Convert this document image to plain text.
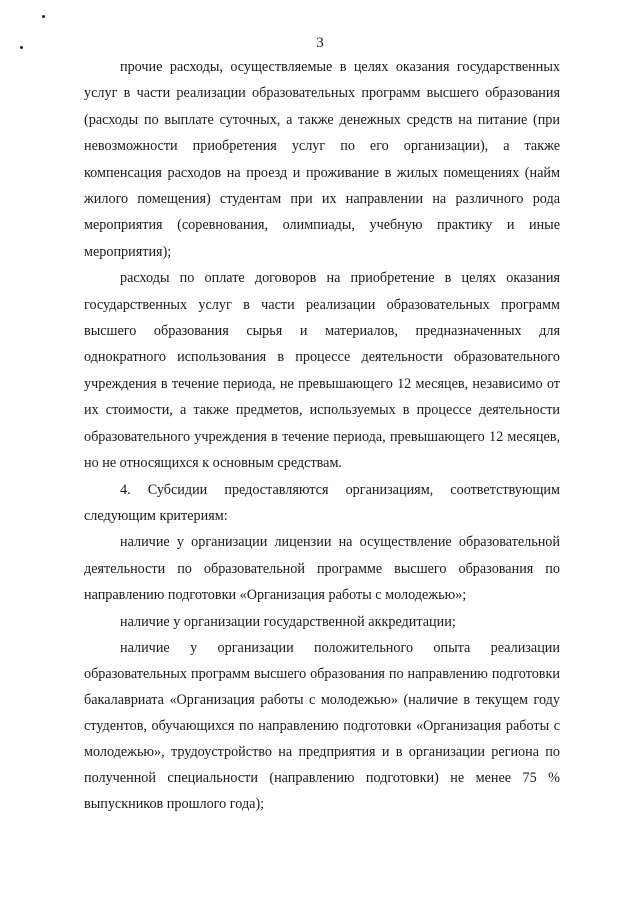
3

прочие расходы, осуществляемые в целях оказания государственных услуг в части реализации образовательных программ высшего образования (расходы по выплате суточных, а также денежных средств на питание (при невозможности приобретения услуг по его организации), а также компенсация расходов на проезд и проживание в жилых помещениях (найм жилого помещения) студентам при их направлении на различного рода мероприятия (соревнования, олимпиады, учебную практику и иные мероприятия);

расходы по оплате договоров на приобретение в целях оказания государственных услуг в части реализации образовательных программ высшего образования сырья и материалов, предназначенных для однократного использования в процессе деятельности образовательного учреждения в течение периода, не превышающего 12 месяцев, независимо от их стоимости, а также предметов, используемых в процессе деятельности образовательного учреждения в течение периода, превышающего 12 месяцев, но не относящихся к основным средствам.

4. Субсидии предоставляются организациям, соответствующим следующим критериям:

наличие у организации лицензии на осуществление образовательной деятельности по образовательной программе высшего образования по направлению подготовки «Организация работы с молодежью»;

наличие у организации государственной аккредитации;

наличие у организации положительного опыта реализации образовательных программ высшего образования по направлению подготовки бакалавриата «Организация работы с молодежью» (наличие в текущем году студентов, обучающихся по направлению подготовки «Организация работы с молодежью», трудоустройство на предприятия и в организации региона по полученной специальности (направлению подготовки) не менее 75 % выпускников прошлого года);
